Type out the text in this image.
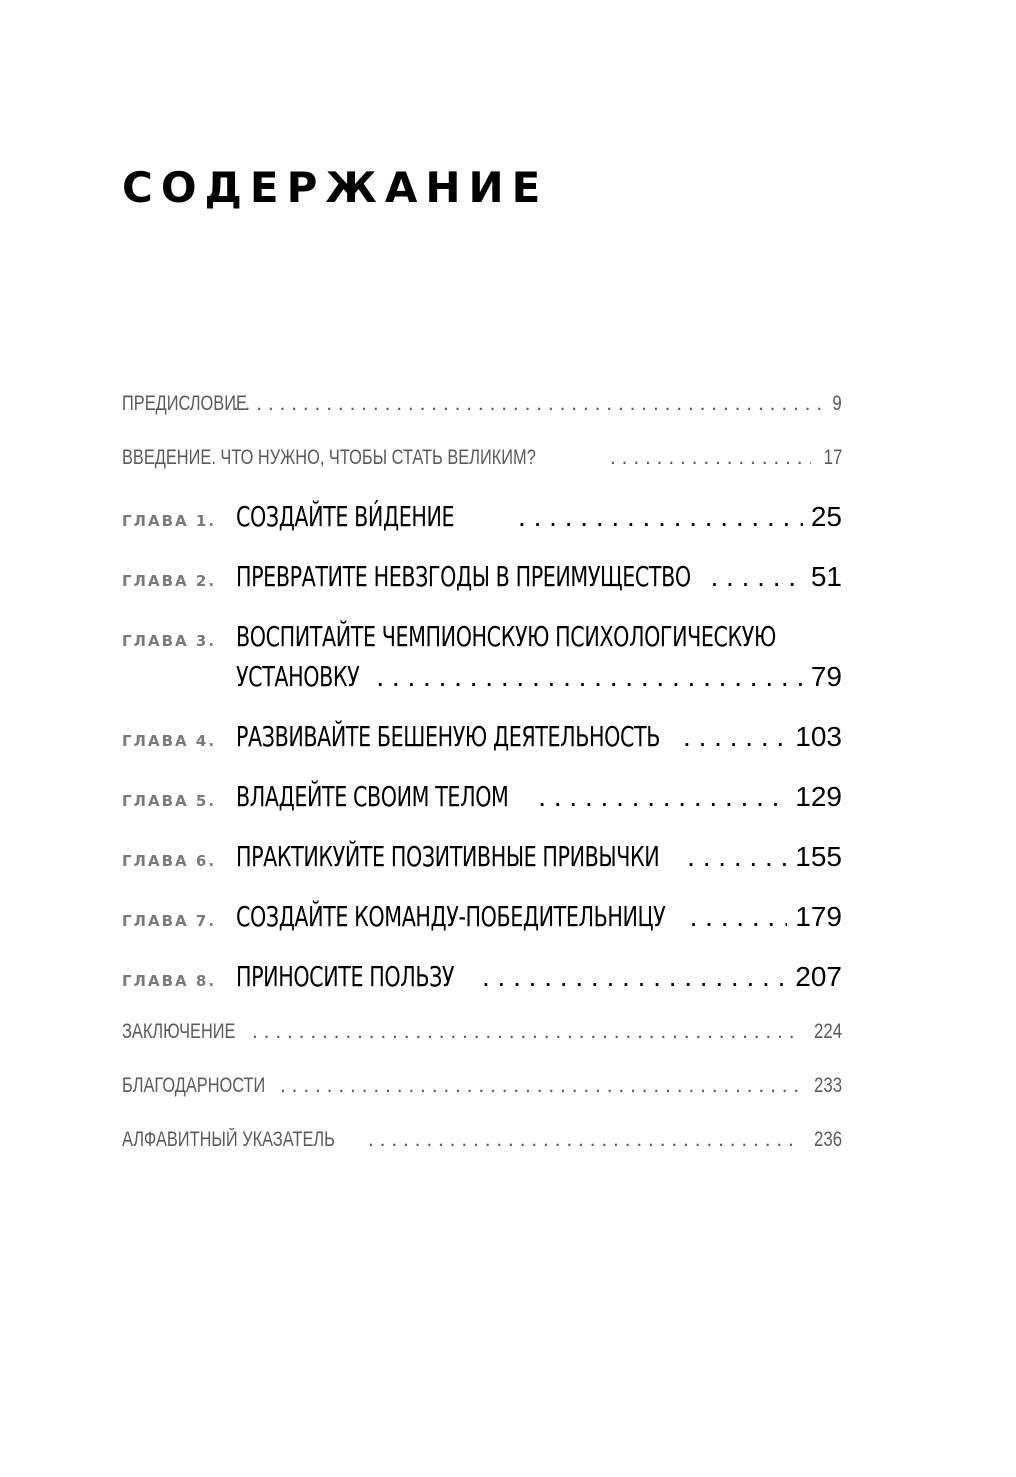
СОДЕРЖАНИЕ
ПРЕДИСЛОВИЕ . . .	9
ВВЕДЕНИЕ. ЧТО НУЖНО, ЧТОБЫ СТАТЬ ВЕЛИКИМ? . . .	17
ГЛАВА 1. СОЗДАЙТЕ ВИ́ДЕНИЕ . . .	25
ГЛАВА 2. ПРЕВРАТИТЕ НЕВЗГОДЫ В ПРЕИМУЩЕСТВО . . .	51
ГЛАВА 3. ВОСПИТАЙТЕ ЧЕМПИОНСКУЮ ПСИХОЛОГИЧЕСКУЮ
УСТАНОВКУ . . .	79
ГЛАВА 4. РАЗВИВАЙТЕ БЕШЕНУЮ ДЕЯТЕЛЬНОСТЬ . . .	103
ГЛАВА 5. ВЛАДЕЙТЕ СВОИМ ТЕЛОМ . . .	129
ГЛАВА 6. ПРАКТИКУЙТЕ ПОЗИТИВНЫЕ ПРИВЫЧКИ . . .	155
ГЛАВА 7. СОЗДАЙТЕ КОМАНДУ-ПОБЕДИТЕЛЬНИЦУ . . .	179
ГЛАВА 8. ПРИНОСИТЕ ПОЛЬЗУ . . .	207
ЗАКЛЮЧЕНИЕ . . .	224
БЛАГОДАРНОСТИ . . .	233
АЛФАВИТНЫЙ УКАЗАТЕЛЬ . . .	236
